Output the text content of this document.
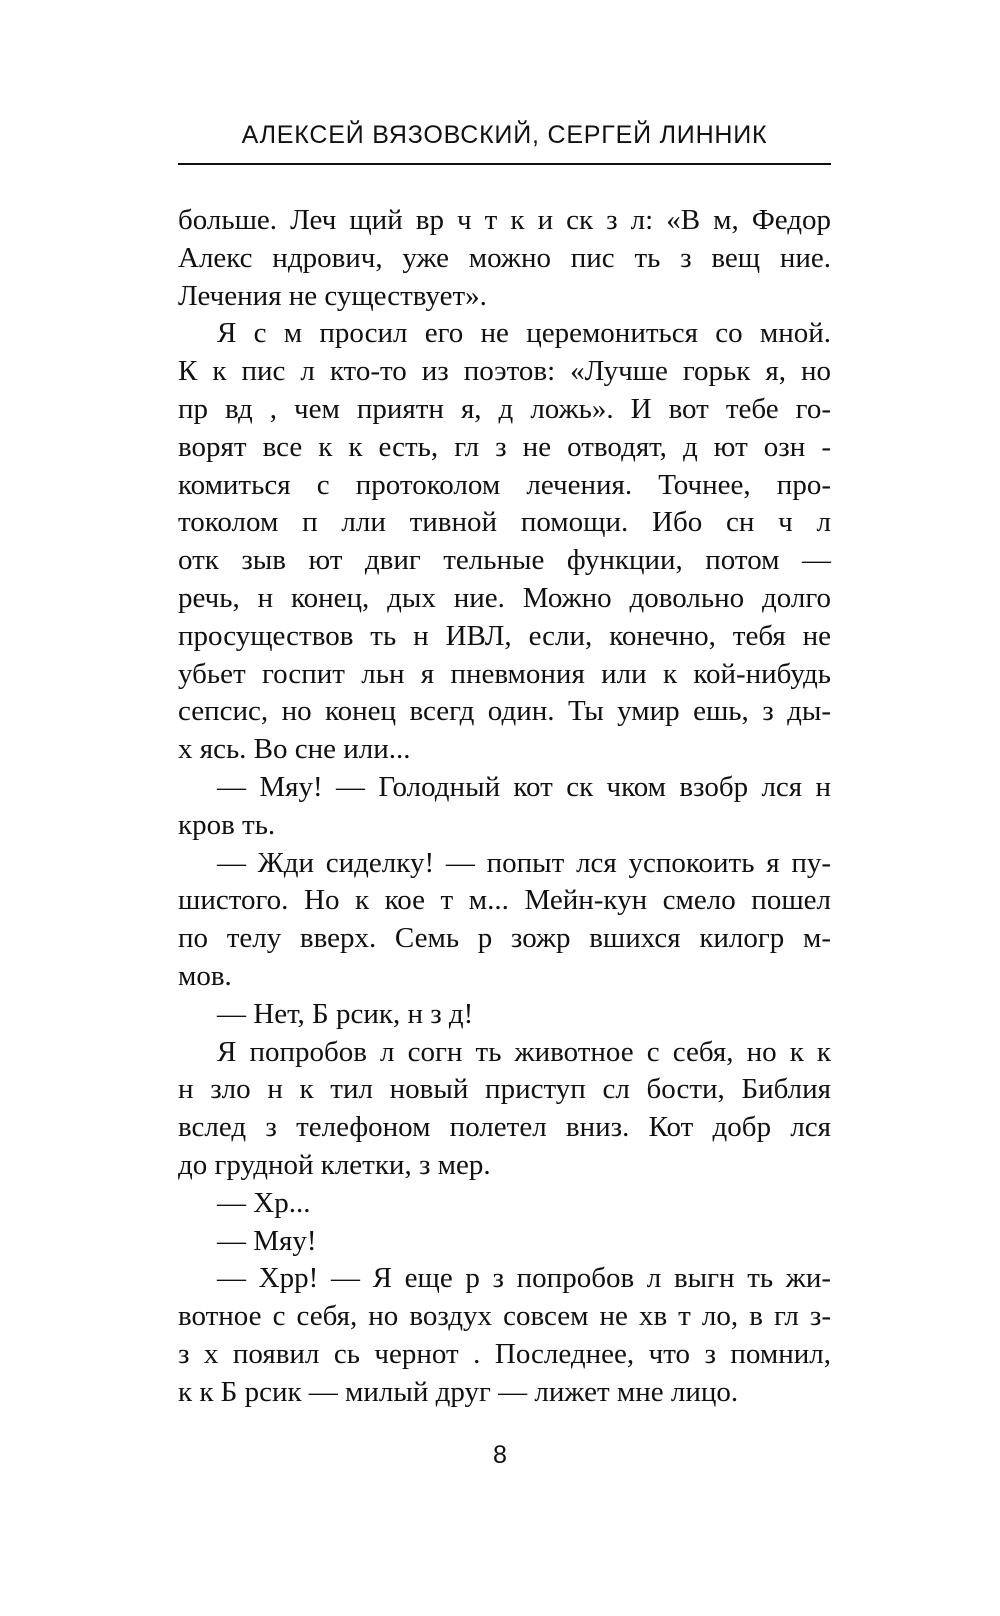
АЛЕКСЕЙ ВЯЗОВСКИЙ, СЕРГЕЙ ЛИННИК
больше. Леч щий вр ч т к и ск з л: «В м, Федор
Алекс ндрович, уже можно пис ть з вещ ние.
Лечения не существует».
Я с м просил его не церемониться со мной.
К к пис л кто-то из поэтов: «Лучше горьк я, но
пр вд , чем приятн я, д ложь». И вот тебе го-
ворят все к к есть, гл з не отводят, д ют озн -
комиться с протоколом лечения. Точнее, про-
токолом п лли тивной помощи. Ибо сн ч л
отк зыв ют двиг тельные функции, потом —
речь, н конец, дых ние. Можно довольно долго
просуществов ть н ИВЛ, если, конечно, тебя не
убьет госпит льн я пневмония или к кой-нибудь
сепсис, но конец всегд один. Ты умир ешь, з ды-
х ясь. Во сне или...
— Мяу! — Голодный кот ск чком взобр лся н
кров ть.
— Жди сиделку! — попыт лся успокоить я пу-
шистого. Но к кое т м... Мейн-кун смело пошел
по телу вверх. Семь р зожр вшихся килогр м-
мов.
— Нет, Б рсик, н з д!
Я попробов л согн ть животное с себя, но к к
н зло н к тил новый приступ сл бости, Библия
вслед з телефоном полетел вниз. Кот добр лся
до грудной клетки, з мер.
— Хр...
— Мяу!
— Хрр! — Я еще р з попробов л выгн ть жи-
вотное с себя, но воздух совсем не хв т ло, в гл з-
з х появил сь чернот . Последнее, что з помнил,
к к Б рсик — милый друг — лижет мне лицо.
8
